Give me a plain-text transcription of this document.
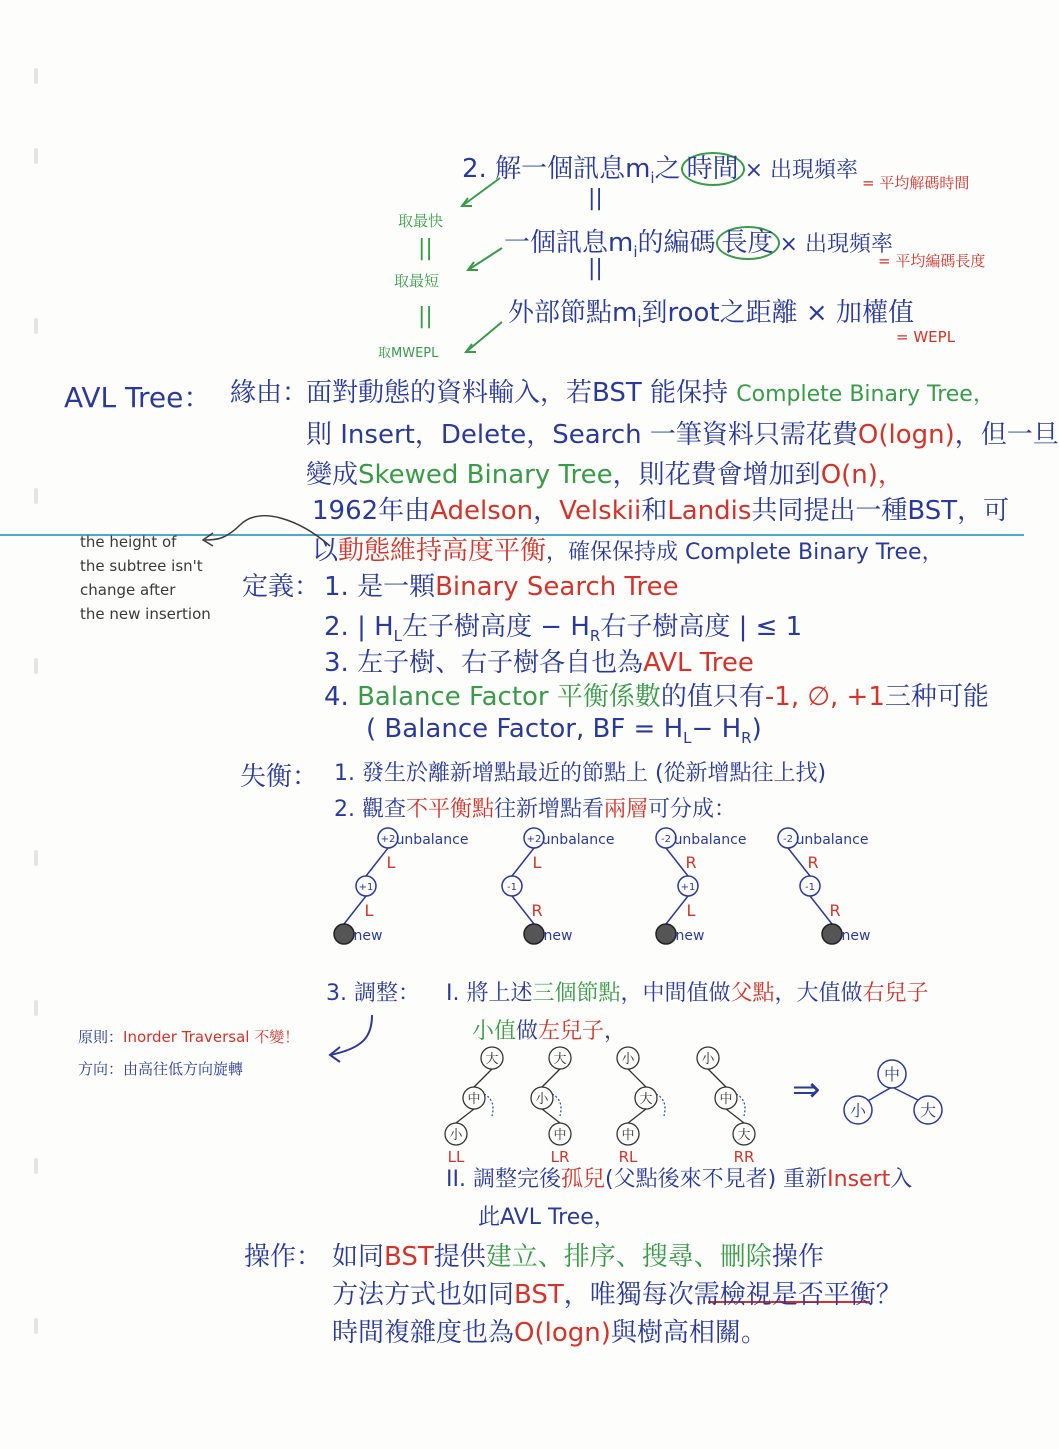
+2
+1
unbalance
L
L
new
+2
-1
unbalance
L
R
new
-2
+1
unbalance
R
L
new
-2
-1
unbalance
R
R
new
大
中
小
LL
大
小
中
LR
小
大
中
RL
小
中
大
RR
中
小	大
2. 解一個訊息$m_i$之 時間 × 出現頻率 = 平均解碼時間
||
一個訊息$m_i$的編碼 長度 × 出現頻率
= 平均編碼長度
||
外部節點$m_i$到root之距離 × 加權值
= WEPL
取最快
||
取最短
||
取MWEPL
AVL Tree： 緣由：
面對動態的資料輸入，若BST 能保持 Complete Binary Tree，
則 Insert，Delete，Search 一筆資料只需花費O(logn)，但一旦
變成Skewed Binary Tree，則花費會增加到O(n)，
1962年由Adelson，Velskii和Landis共同提出一種BST，可
以動態維持高度平衡，確保保持成 Complete Binary Tree，
the height of
the subtree isn't
change after
the new insertion
定義： 1. 是一顆Binary Search Tree
2. | $H_L$左子樹高度 − $H_R$右子樹高度 | ≤ 1
3. 左子樹、右子樹各自也為AVL Tree
4. Balance Factor 平衡係數的值只有-1, ∅, +1三种可能
( Balance Factor, BF = $H_L- H_R$)
失衡： 1. 發生於離新增點最近的節點上 (從新增點往上找)
2. 觀查不平衡點往新增點看兩層可分成：
3. 調整： I. 將上述三個節點，中間值做父點，大值做右兒子
小值做左兒子，
原則：Inorder Traversal 不變！
方向：由高往低方向旋轉
⇒
II. 調整完後孤兒(父點後來不見者) 重新Insert入
此AVL Tree，
操作： 如同BST提供建立、排序、搜尋、刪除操作
方法方式也如同BST，唯獨每次需檢視是否平衡？
時間複雜度也為O(logn)與樹高相關。
